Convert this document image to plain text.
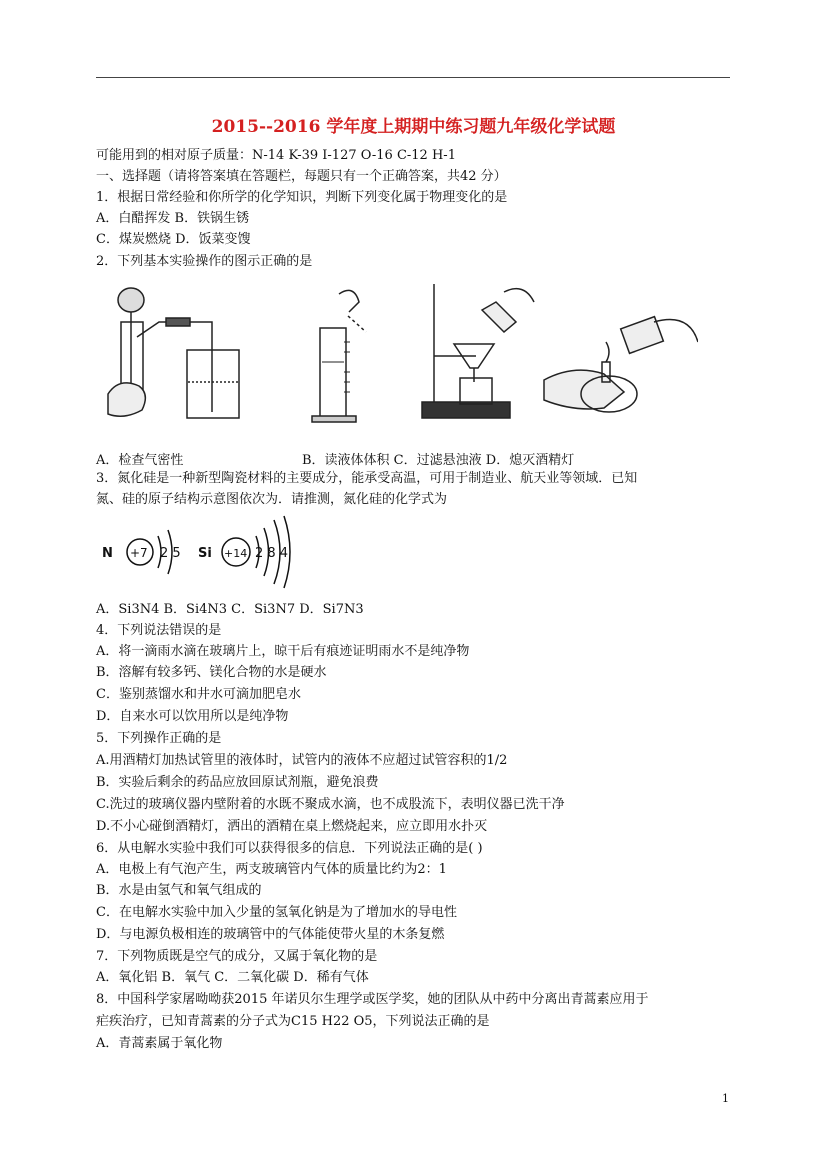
2015--2016 学年度上期期中练习题九年级化学试题
可能用到的相对原子质量：N-14 K-39 I-127 O-16 C-12 H-1
一、选择题（请将答案填在答题栏，每题只有一个正确答案，共42 分）
1．根据日常经验和你所学的化学知识，判断下列变化属于物理变化的是
A．白醋挥发 B．铁锅生锈
C．煤炭燃烧 D．饭菜变馊
2．下列基本实验操作的图示正确的是
A．检查气密性	B．读液体体积 C．过滤悬浊液 D．熄灭酒精灯
3．氮化硅是一种新型陶瓷材料的主要成分，能承受高温，可用于制造业、航天业等领域．已知
氮、硅的原子结构示意图依次为．请推测，氮化硅的化学式为
N +7 2 5 Si +14 2 8 4
A．Si3N4 B．Si4N3 C．Si3N7 D．Si7N3
4．下列说法错误的是
A．将一滴雨水滴在玻璃片上，晾干后有痕迹证明雨水不是纯净物
B．溶解有较多钙、镁化合物的水是硬水
C．鉴别蒸馏水和井水可滴加肥皂水
D．自来水可以饮用所以是纯净物
5．下列操作正确的是
A.用酒精灯加热试管里的液体时，试管内的液体不应超过试管容积的1/2
B．实验后剩余的药品应放回原试剂瓶，避免浪费
C.洗过的玻璃仪器内壁附着的水既不聚成水滴，也不成股流下，表明仪器已洗干净
D.不小心碰倒酒精灯，洒出的酒精在桌上燃烧起来，应立即用水扑灭
6．从电解水实验中我们可以获得很多的信息．下列说法正确的是( )
A．电极上有气泡产生，两支玻璃管内气体的质量比约为2：1
B．水是由氢气和氧气组成的
C．在电解水实验中加入少量的氢氧化钠是为了增加水的导电性
D．与电源负极相连的玻璃管中的气体能使带火星的木条复燃
7．下列物质既是空气的成分，又属于氧化物的是
A．氧化铝 B．氧气 C．二氧化碳 D．稀有气体
8．中国科学家屠呦呦获2015 年诺贝尔生理学或医学奖，她的团队从中药中分离出青蒿素应用于
疟疾治疗，已知青蒿素的分子式为C15 H22 O5，下列说法正确的是
A．青蒿素属于氧化物
1
